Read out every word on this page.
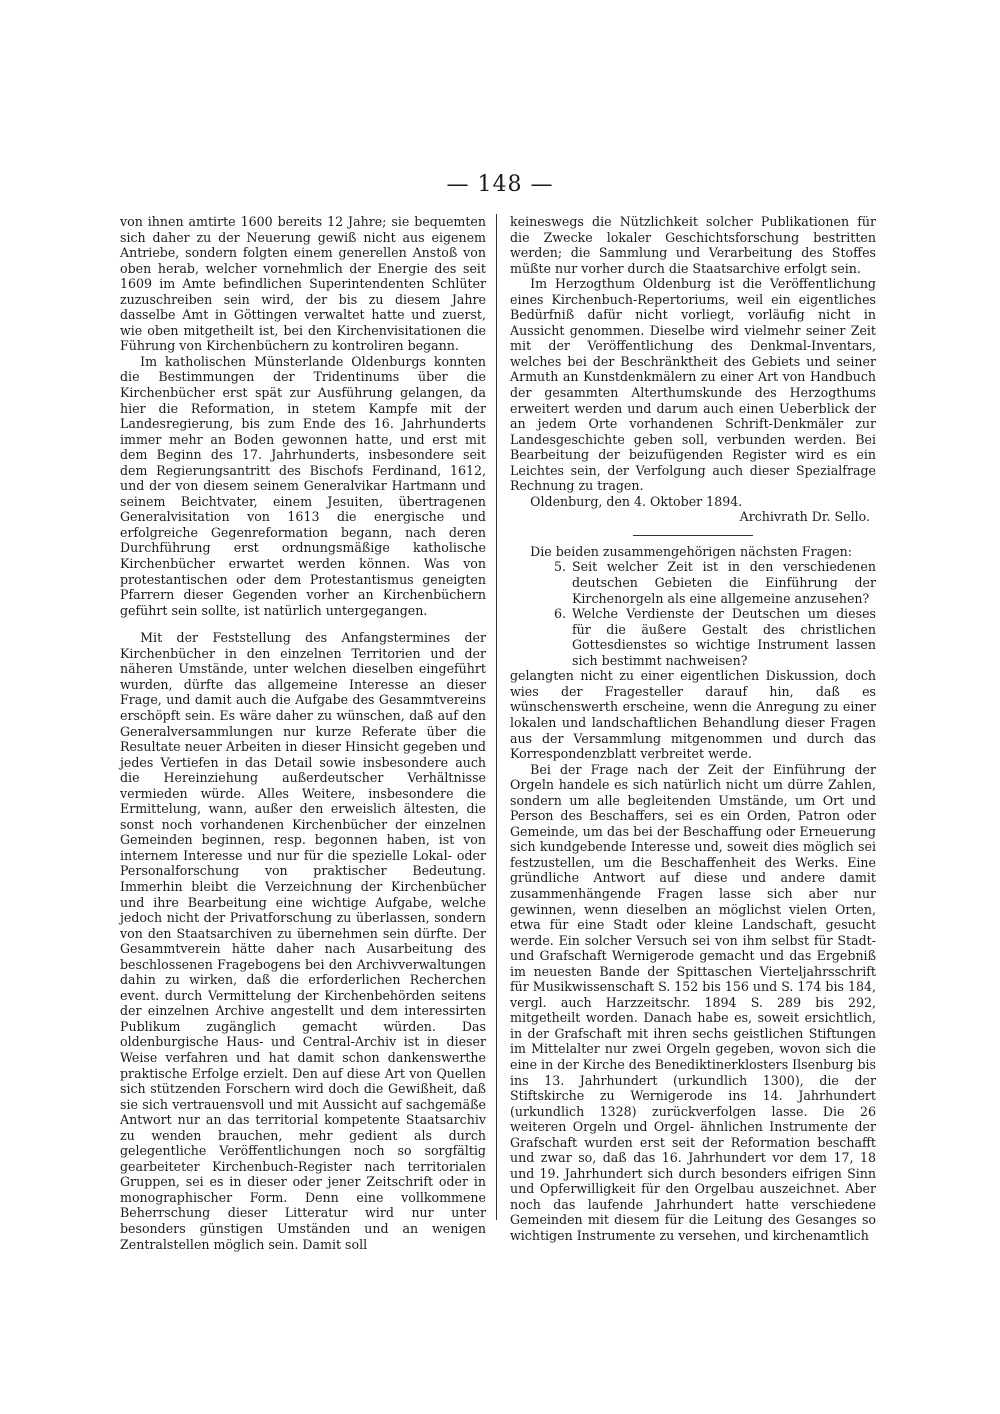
— 148 —

von ihnen amtirte 1600 bereits 12 Jahre; sie bequemten sich daher zu der Neuerung gewiß nicht aus eigenem Antriebe, sondern folgten einem generellen Anstoß von oben herab, welcher vornehmlich der Energie des seit 1609 im Amte befindlichen Superintendenten Schlüter zuzuschreiben sein wird, der bis zu diesem Jahre dasselbe Amt in Göttingen verwaltet hatte und zuerst, wie oben mitgetheilt ist, bei den Kirchenvisitationen die Führung von Kirchenbüchern zu kontroliren begann.

Im katholischen Münsterlande Oldenburgs konnten die Bestimmungen der Tridentinums über die Kirchenbücher erst spät zur Ausführung gelangen, da hier die Reformation, in stetem Kampfe mit der Landesregierung, bis zum Ende des 16. Jahrhunderts immer mehr an Boden gewonnen hatte, und erst mit dem Beginn des 17. Jahrhunderts, insbesondere seit dem Regierungsantritt des Bischofs Ferdinand, 1612, und der von diesem seinem Generalvikar Hartmann und seinem Beichtvater, einem Jesuiten, übertragenen Generalvisitation von 1613 die energische und erfolgreiche Gegenreformation begann, nach deren Durchführung erst ordnungsmäßige katholische Kirchenbücher erwartet werden können. Was von protestantischen oder dem Protestantismus geneigten Pfarrern dieser Gegenden vorher an Kirchenbüchern geführt sein sollte, ist natürlich untergegangen.

Mit der Feststellung des Anfangstermines der Kirchenbücher in den einzelnen Territorien und der näheren Umstände, unter welchen dieselben eingeführt wurden, dürfte das allgemeine Interesse an dieser Frage, und damit auch die Aufgabe des Gesammtvereins erschöpft sein. Es wäre daher zu wünschen, daß auf den Generalversammlungen nur kurze Referate über die Resultate neuer Arbeiten in dieser Hinsicht gegeben und jedes Vertiefen in das Detail sowie insbesondere auch die Hereinziehung außerdeutscher Verhältnisse vermieden würde. Alles Weitere, insbesondere die Ermittelung, wann, außer den erweislich ältesten, die sonst noch vorhandenen Kirchenbücher der einzelnen Gemeinden beginnen, resp. begonnen haben, ist von internem Interesse und nur für die spezielle Lokal- oder Personalforschung von praktischer Bedeutung. Immerhin bleibt die Verzeichnung der Kirchenbücher und ihre Bearbeitung eine wichtige Aufgabe, welche jedoch nicht der Privatforschung zu überlassen, sondern von den Staatsarchiven zu übernehmen sein dürfte. Der Gesammtverein hätte daher nach Ausarbeitung des beschlossenen Fragebogens bei den Archivverwaltungen dahin zu wirken, daß die erforderlichen Recherchen event. durch Vermittelung der Kirchenbehörden seitens der einzelnen Archive angestellt und dem interessirten Publikum zugänglich gemacht würden. Das oldenburgische Haus- und Central-Archiv ist in dieser Weise verfahren und hat damit schon dankenswerthe praktische Erfolge erzielt. Den auf diese Art von Quellen sich stützenden Forschern wird doch die Gewißheit, daß sie sich vertrauensvoll und mit Aussicht auf sachgemäße Antwort nur an das territorial kompetente Staatsarchiv zu wenden brauchen, mehr gedient als durch gelegentliche Veröffentlichungen noch so sorgfältig gearbeiteter Kirchenbuch-Register nach territorialen Gruppen, sei es in dieser oder jener Zeitschrift oder in monographischer Form. Denn eine vollkommene Beherrschung dieser Litteratur wird nur unter besonders günstigen Umständen und an wenigen Zentralstellen möglich sein. Damit soll

keineswegs die Nützlichkeit solcher Publikationen für die Zwecke lokaler Geschichtsforschung bestritten werden; die Sammlung und Verarbeitung des Stoffes müßte nur vorher durch die Staatsarchive erfolgt sein.

Im Herzogthum Oldenburg ist die Veröffentlichung eines Kirchenbuch-Repertoriums, weil ein eigentliches Bedürfniß dafür nicht vorliegt, vorläufig nicht in Aussicht genommen. Dieselbe wird vielmehr seiner Zeit mit der Veröffentlichung des Denkmal-Inventars, welches bei der Beschränktheit des Gebiets und seiner Armuth an Kunstdenkmälern zu einer Art von Handbuch der gesammten Alterthumskunde des Herzogthums erweitert werden und darum auch einen Ueberblick der an jedem Orte vorhandenen Schrift-Denkmäler zur Landesgeschichte geben soll, verbunden werden. Bei Bearbeitung der beizufügenden Register wird es ein Leichtes sein, der Verfolgung auch dieser Spezialfrage Rechnung zu tragen.

Oldenburg, den 4. Oktober 1894.
Archivrath Dr. Sello.
Die beiden zusammengehörigen nächsten Fragen:
5. Seit welcher Zeit ist in den verschiedenen deutschen Gebieten die Einführung der Kirchenorgeln als eine allgemeine anzusehen?
6. Welche Verdienste der Deutschen um dieses für die äußere Gestalt des christlichen Gottesdienstes so wichtige Instrument lassen sich bestimmt nachweisen?

gelangten nicht zu einer eigentlichen Diskussion, doch wies der Fragesteller darauf hin, daß es wünschenswerth erscheine, wenn die Anregung zu einer lokalen und landschaftlichen Behandlung dieser Fragen aus der Versammlung mitgenommen und durch das Korrespondenzblatt verbreitet werde.

Bei der Frage nach der Zeit der Einführung der Orgeln handele es sich natürlich nicht um dürre Zahlen, sondern um alle begleitenden Umstände, um Ort und Person des Beschaffers, sei es ein Orden, Patron oder Gemeinde, um das bei der Beschaffung oder Erneuerung sich kundgebende Interesse und, soweit dies möglich sei festzustellen, um die Beschaffenheit des Werks. Eine gründliche Antwort auf diese und andere damit zusammenhängende Fragen lasse sich aber nur gewinnen, wenn dieselben an möglichst vielen Orten, etwa für eine Stadt oder kleine Landschaft, gesucht werde. Ein solcher Versuch sei von ihm selbst für Stadt- und Grafschaft Wernigerode gemacht und das Ergebniß im neuesten Bande der Spittaschen Vierteljahrsschrift für Musikwissenschaft S. 152 bis 156 und S. 174 bis 184, vergl. auch Harzzeitschr. 1894 S. 289 bis 292, mitgetheilt worden. Danach habe es, soweit ersichtlich, in der Grafschaft mit ihren sechs geistlichen Stiftungen im Mittelalter nur zwei Orgeln gegeben, wovon sich die eine in der Kirche des Benediktinerklosters Ilsenburg bis ins 13. Jahrhundert (urkundlich 1300), die der Stiftskirche zu Wernigerode ins 14. Jahrhundert (urkundlich 1328) zurückverfolgen lasse. Die 26 weiteren Orgeln und Orgel- ähnlichen Instrumente der Grafschaft wurden erst seit der Reformation beschafft und zwar so, daß das 16. Jahrhundert vor dem 17, 18 und 19. Jahrhundert sich durch besonders eifrigen Sinn und Opferwilligkeit für den Orgelbau auszeichnet. Aber noch das laufende Jahrhundert hatte verschiedene Gemeinden mit diesem für die Leitung des Gesanges so wichtigen Instrumente zu versehen, und kirchenamtlich
